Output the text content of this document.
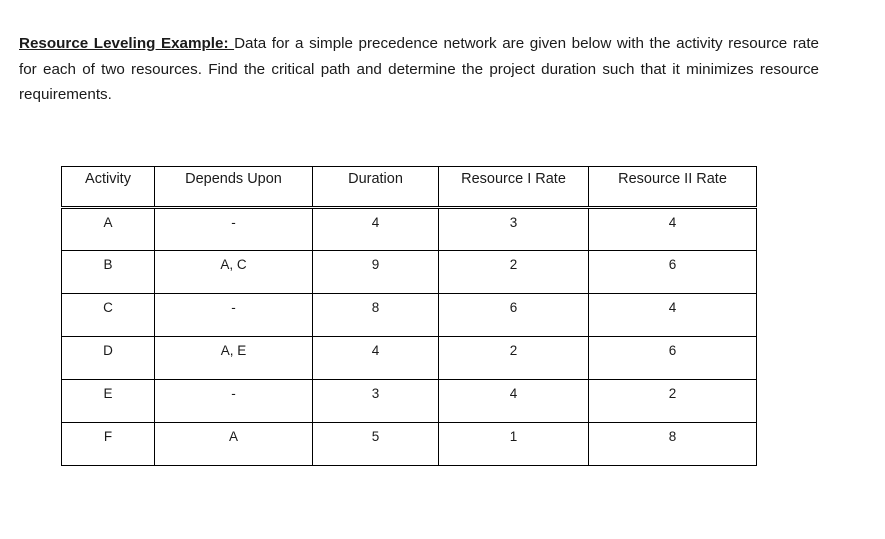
Resource Leveling Example: Data for a simple precedence network are given below with the activity resource rate for each of two resources. Find the critical path and determine the project duration such that it minimizes resource requirements.
Activity	Depends Upon	Duration	Resource I Rate	Resource II Rate
A	-	4	3	4
B	A, C	9	2	6
C	-	8	6	4
D	A, E	4	2	6
E	-	3	4	2
F	A	5	1	8
